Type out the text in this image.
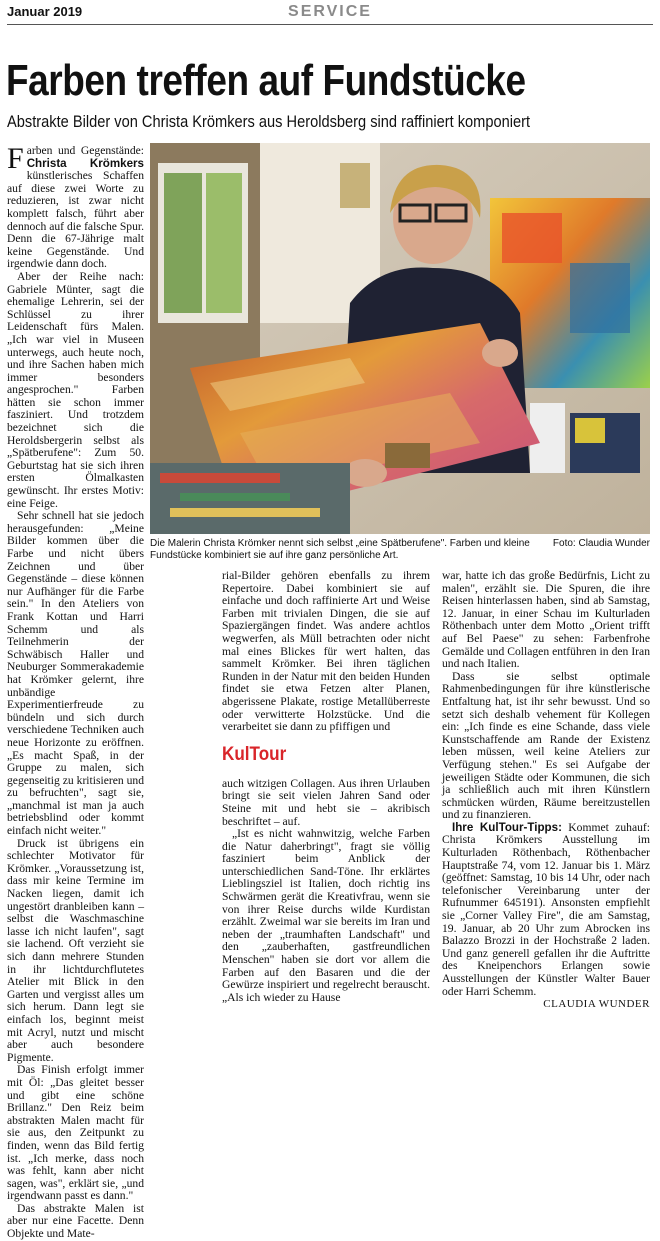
Januar 2019	SERVICE
Farben treffen auf Fundstücke
Abstrakte Bilder von Christa Krömkers aus Heroldsberg sind raffiniert komponiert
Foto: Claudia Wunder
Die Malerin Christa Krömker nennt sich selbst „eine Spätberufene". Farben und kleine Fundstücke kombiniert sie auf ihre ganz persönliche Art.

Farben und Gegenstände: Christa Krömkers künstlerisches Schaffen auf diese zwei Worte zu reduzieren, ist zwar nicht komplett falsch, führt aber dennoch auf die falsche Spur. Denn die 67-Jährige malt keine Gegenstände. Und irgendwie dann doch.

Aber der Reihe nach: Gabriele Münter, sagt die ehemalige Lehrerin, sei der Schlüssel zu ihrer Leidenschaft fürs Malen. „Ich war viel in Museen unterwegs, auch heute noch, und ihre Sachen haben mich immer besonders angesprochen." Farben hätten sie schon immer fasziniert. Und trotzdem bezeichnet sich die Heroldsbergerin selbst als „Spätberufene": Zum 50. Geburtstag hat sie sich ihren ersten Ölmalkasten gewünscht. Ihr erstes Motiv: eine Feige.

Sehr schnell hat sie jedoch herausgefunden: „Meine Bilder kommen über die Farbe und nicht übers Zeichnen und über Gegenstände – diese können nur Aufhänger für die Farbe sein." In den Ateliers von Frank Kottan und Harri Schemm und als Teilnehmerin der Schwäbisch Haller und Neuburger Sommerakademie hat Krömker gelernt, ihre unbändige Experimentierfreude zu bündeln und sich durch verschiedene Techniken auch neue Horizonte zu eröffnen. „Es macht Spaß, in der Gruppe zu malen, sich gegenseitig zu kritisieren und zu befruchten", sagt sie, „manchmal ist man ja auch betriebsblind oder kommt einfach nicht weiter."

Druck ist übrigens ein schlechter Motivator für Krömker. „Voraussetzung ist, dass mir keine Termine im Nacken liegen, damit ich ungestört dranbleiben kann – selbst die Waschmaschine lasse ich nicht laufen", sagt sie lachend. Oft verzieht sie sich dann mehrere Stunden in ihr lichtdurchflutetes Atelier mit Blick in den Garten und vergisst alles um sich herum. Dann legt sie einfach los, beginnt meist mit Acryl, nutzt und mischt aber auch besondere Pigmente.

Das Finish erfolgt immer mit Öl: „Das gleitet besser und gibt eine schöne Brillanz." Den Reiz beim abstrakten Malen macht für sie aus, den Zeitpunkt zu finden, wenn das Bild fertig ist. „Ich merke, dass noch was fehlt, kann aber nicht sagen, was", erklärt sie, „und irgendwann passt es dann."

Das abstrakte Malen ist aber nur eine Facette. Denn Objekte und Mate-

rial-Bilder gehören ebenfalls zu ihrem Repertoire. Dabei kombiniert sie auf einfache und doch raffinierte Art und Weise Farben mit trivialen Dingen, die sie auf Spaziergängen findet. Was andere achtlos wegwerfen, als Müll betrachten oder nicht mal eines Blickes für wert halten, das sammelt Krömker. Bei ihren täglichen Runden in der Natur mit den beiden Hunden findet sie etwa Fetzen alter Planen, abgerissene Plakate, rostige Metallüberreste oder verwitterte Holzstücke. Und die verarbeitet sie dann zu pfiffigen und

KulTour

auch witzigen Collagen. Aus ihren Urlauben bringt sie seit vielen Jahren Sand oder Steine mit und hebt sie – akribisch beschriftet – auf.

„Ist es nicht wahnwitzig, welche Farben die Natur daherbringt", fragt sie völlig fasziniert beim Anblick der unterschiedlichen Sand-Töne. Ihr erklärtes Lieblingsziel ist Italien, doch richtig ins Schwärmen gerät die Kreativfrau, wenn sie von ihrer Reise durchs wilde Kurdistan erzählt. Zweimal war sie bereits im Iran und neben der „traumhaften Landschaft" und den „zauberhaften, gastfreundlichen Menschen" haben sie dort vor allem die Farben auf den Basaren und die der Gewürze inspiriert und regelrecht berauscht. „Als ich wieder zu Hause

war, hatte ich das große Bedürfnis, Licht zu malen", erzählt sie. Die Spuren, die ihre Reisen hinterlassen haben, sind ab Samstag, 12. Januar, in einer Schau im Kulturladen Röthenbach unter dem Motto „Orient trifft auf Bel Paese" zu sehen: Farbenfrohe Gemälde und Collagen entführen in den Iran und nach Italien.

Dass sie selbst optimale Rahmenbedingungen für ihre künstlerische Entfaltung hat, ist ihr sehr bewusst. Und so setzt sich deshalb vehement für Kollegen ein: „Ich finde es eine Schande, dass viele Kunstschaffende am Rande der Existenz leben müssen, weil keine Ateliers zur Verfügung stehen." Es sei Aufgabe der jeweiligen Städte oder Kommunen, die sich ja schließlich auch mit ihren Künstlern schmücken würden, Räume bereitzustellen und zu finanzieren.

Ihre KulTour-Tipps: Kommet zuhauf: Christa Krömkers Ausstellung im Kulturladen Röthenbach, Röthenbacher Hauptstraße 74, vom 12. Januar bis 1. März (geöffnet: Samstag, 10 bis 14 Uhr, oder nach telefonischer Vereinbarung unter der Rufnummer 645191). Ansonsten empfiehlt sie „Corner Valley Fire", die am Samstag, 19. Januar, ab 20 Uhr zum Abrocken ins Balazzo Brozzi in der Hochstraße 2 laden. Und ganz generell gefallen ihr die Auftritte des Kneipenchors Erlangen sowie Ausstellungen der Künstler Walter Bauer oder Harri Schemm.
CLAUDIA WUNDER
